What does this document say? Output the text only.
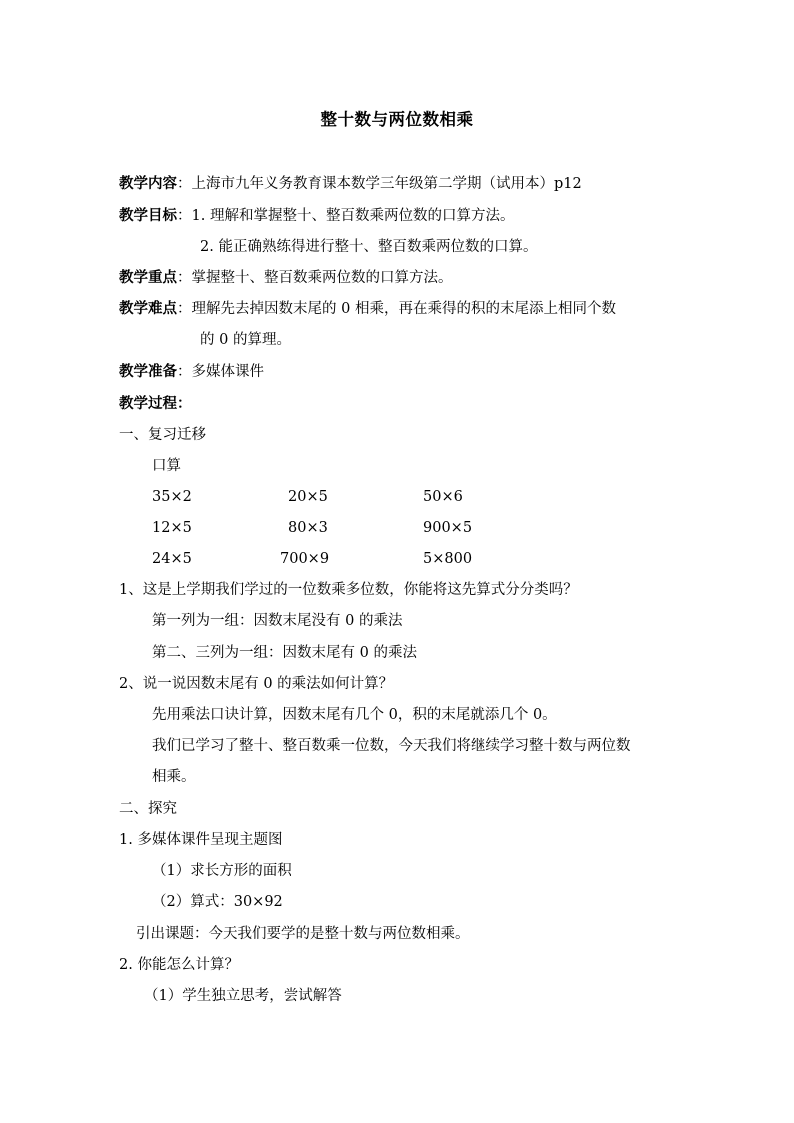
整十数与两位数相乘
教学内容：上海市九年义务教育课本数学三年级第二学期（试用本）p12
教学目标：1. 理解和掌握整十、整百数乘两位数的口算方法。
2. 能正确熟练得进行整十、整百数乘两位数的口算。
教学重点：掌握整十、整百数乘两位数的口算方法。
教学难点：理解先去掉因数末尾的 0 相乘，再在乘得的积的末尾添上相同个数
的 0 的算理。
教学准备：多媒体课件
教学过程：
一、复习迁移
口算
35×2	20×5	50×6
12×5	80×3	900×5
24×5	700×9	5×800
1、这是上学期我们学过的一位数乘多位数，你能将这先算式分分类吗？
第一列为一组：因数末尾没有 0 的乘法
第二、三列为一组：因数末尾有 0 的乘法
2、说一说因数末尾有 0 的乘法如何计算？
先用乘法口诀计算，因数末尾有几个 0，积的末尾就添几个 0。
我们已学习了整十、整百数乘一位数，今天我们将继续学习整十数与两位数
相乘。
二、探究
1. 多媒体课件呈现主题图
（1）求长方形的面积
（2）算式：30×92
引出课题：今天我们要学的是整十数与两位数相乘。
2. 你能怎么计算？
（1）学生独立思考，尝试解答
